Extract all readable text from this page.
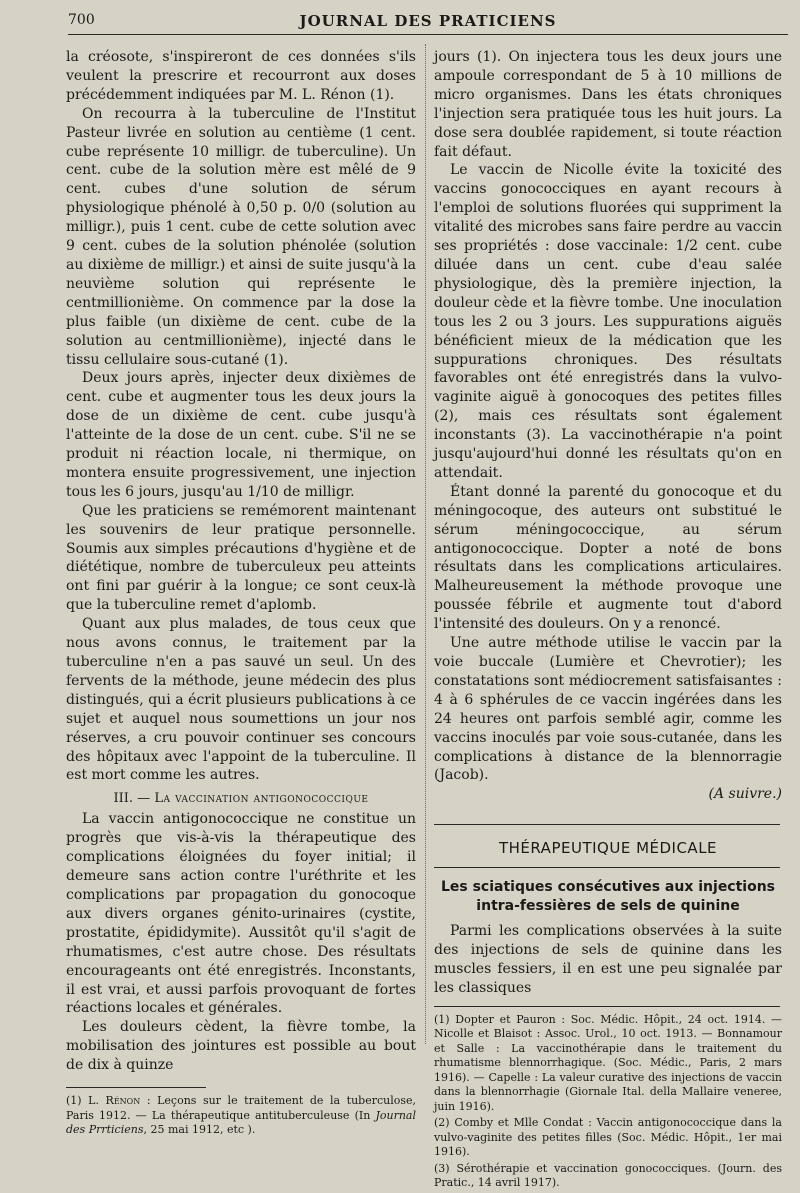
700	JOURNAL DES PRATICIENS

la créosote, s'inspireront de ces données s'ils veulent la prescrire et recourront aux doses précédemment indiquées par M. L. Rénon (1).

On recourra à la tuberculine de l'Institut Pasteur livrée en solution au centième (1 cent. cube représente 10 milligr. de tuberculine). Un cent. cube de la solution mère est mêlé de 9 cent. cubes d'une solution de sérum physiologique phénolé à 0,50 p. 0/0 (solution au milligr.), puis 1 cent. cube de cette solution avec 9 cent. cubes de la solution phénolée (solution au dixième de milligr.) et ainsi de suite jusqu'à la neuvième solution qui représente le centmillionième. On commence par la dose la plus faible (un dixième de cent. cube de la solution au centmillionième), injecté dans le tissu cellulaire sous-cutané (1).

Deux jours après, injecter deux dixièmes de cent. cube et augmenter tous les deux jours la dose de un dixième de cent. cube jusqu'à l'atteinte de la dose de un cent. cube. S'il ne se produit ni réaction locale, ni thermique, on montera ensuite progressivement, une injection tous les 6 jours, jusqu'au 1/10 de milligr.

Que les praticiens se remémorent maintenant les souvenirs de leur pratique personnelle. Soumis aux simples précautions d'hygiène et de diététique, nombre de tuberculeux peu atteints ont fini par guérir à la longue; ce sont ceux-là que la tuberculine remet d'aplomb.

Quant aux plus malades, de tous ceux que nous avons connus, le traitement par la tuberculine n'en a pas sauvé un seul. Un des fervents de la méthode, jeune médecin des plus distingués, qui a écrit plusieurs publications à ce sujet et auquel nous soumettions un jour nos réserves, a cru pouvoir continuer ses concours des hôpitaux avec l'appoint de la tuberculine. Il est mort comme les autres.

III. — La vaccination antigonococcique

La vaccin antigonococcique ne constitue un progrès que vis-à-vis la thérapeutique des complications éloignées du foyer initial; il demeure sans action contre l'uréthrite et les complications par propagation du gonocoque aux divers organes génito-urinaires (cystite, prostatite, épididymite). Aussitôt qu'il s'agit de rhumatismes, c'est autre chose. Des résultats encourageants ont été enregistrés. Inconstants, il est vrai, et aussi parfois provoquant de fortes réactions locales et générales.

Les douleurs cèdent, la fièvre tombe, la mobilisation des jointures est possible au bout de dix à quinze

(1) L. Rénon : Leçons sur le traitement de la tuberculose, Paris 1912. — La thérapeutique antituberculeuse (In Journal des Prrticiens, 25 mai 1912, etc ).

jours (1). On injectera tous les deux jours une ampoule correspondant de 5 à 10 millions de micro organismes. Dans les états chroniques l'injection sera pratiquée tous les huit jours. La dose sera doublée rapidement, si toute réaction fait défaut.

Le vaccin de Nicolle évite la toxicité des vaccins gonococciques en ayant recours à l'emploi de solutions fluorées qui suppriment la vitalité des microbes sans faire perdre au vaccin ses propriétés : dose vaccinale: 1/2 cent. cube diluée dans un cent. cube d'eau salée physiologique, dès la première injection, la douleur cède et la fièvre tombe. Une inoculation tous les 2 ou 3 jours. Les suppurations aiguës bénéficient mieux de la médication que les suppurations chroniques. Des résultats favorables ont été enregistrés dans la vulvo-vaginite aiguë à gonocoques des petites filles (2), mais ces résultats sont également inconstants (3). La vaccinothérapie n'a point jusqu'aujourd'hui donné les résultats qu'on en attendait.

Étant donné la parenté du gonocoque et du méningocoque, des auteurs ont substitué le sérum méningococcique, au sérum antigonococcique. Dopter a noté de bons résultats dans les complications articulaires. Malheureusement la méthode provoque une poussée fébrile et augmente tout d'abord l'intensité des douleurs. On y a renoncé.

Une autre méthode utilise le vaccin par la voie buccale (Lumière et Chevrotier); les constatations sont médiocrement satisfaisantes : 4 à 6 sphérules de ce vaccin ingérées dans les 24 heures ont parfois semblé agir, comme les vaccins inoculés par voie sous-cutanée, dans les complications à distance de la blennorragie (Jacob).

(A suivre.)
THÉRAPEUTIQUE MÉDICALE
Les sciatiques consécutives aux injections intra-fessières de sels de quinine

Parmi les complications observées à la suite des injections de sels de quinine dans les muscles fessiers, il en est une peu signalée par les classiques

(1) Dopter et Pauron : Soc. Médic. Hôpit., 24 oct. 1914. — Nicolle et Blaisot : Assoc. Urol., 10 oct. 1913. — Bonnamour et Salle : La vaccinothérapie dans le traitement du rhumatisme blennorrhagique. (Soc. Médic., Paris, 2 mars 1916). — Capelle : La valeur curative des injections de vaccin dans la blennorrhagie (Giornale Ital. della Mallaire veneree, juin 1916).

(2) Comby et Mlle Condat : Vaccin antigonococcique dans la vulvo-vaginite des petites filles (Soc. Médic. Hôpit., 1er mai 1916).

(3) Sérothérapie et vaccination gonococciques. (Journ. des Pratic., 14 avril 1917).
